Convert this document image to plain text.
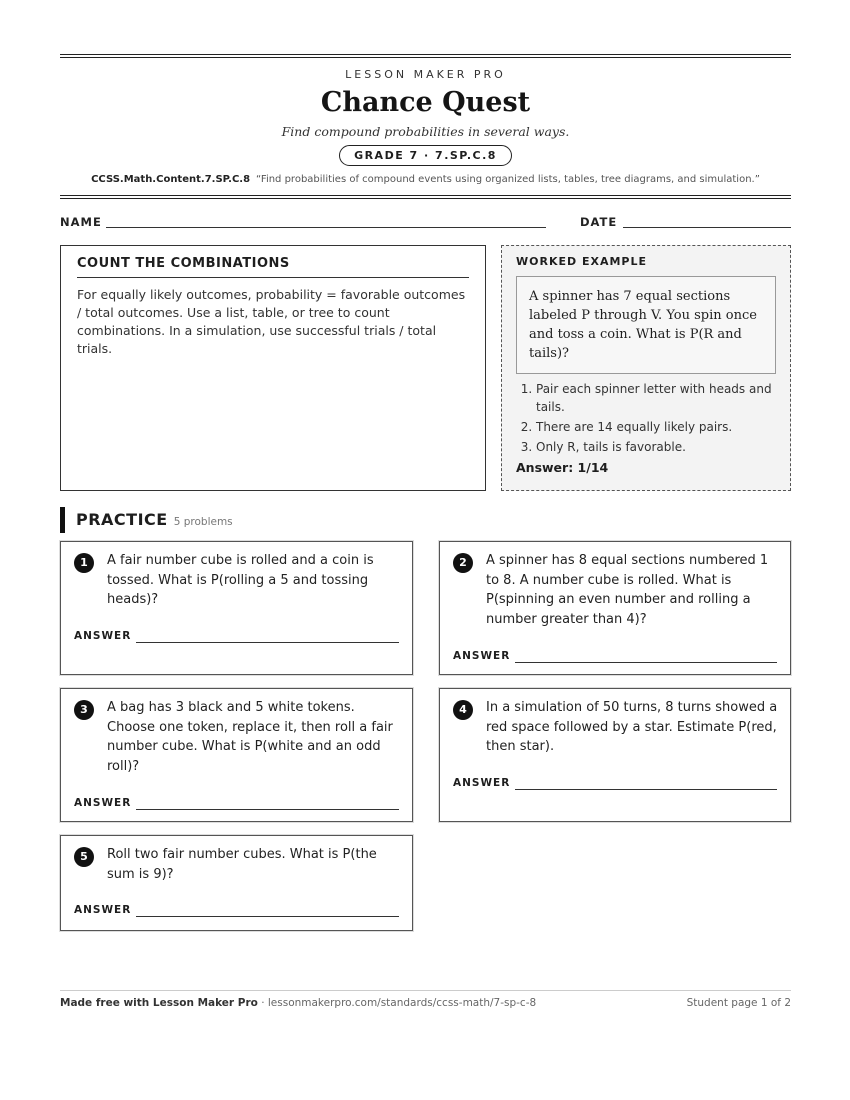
LESSON MAKER PRO
Chance Quest
Find compound probabilities in several ways.
GRADE 7 · 7.SP.C.8
CCSS.Math.Content.7.SP.C.8 “Find probabilities of compound events using organized lists, tables, tree diagrams, and simulation.”
NAME	DATE
COUNT THE COMBINATIONS
For equally likely outcomes, probability = favorable outcomes / total outcomes. Use a list, table, or tree to count combinations. In a simulation, use successful trials / total trials.
WORKED EXAMPLE
A spinner has 7 equal sections labeled P through V. You spin once and toss a coin. What is P(R and tails)?
1. Pair each spinner letter with heads and tails.
2. There are 14 equally likely pairs.
3. Only R, tails is favorable.
Answer: 1/14
PRACTICE 5 problems
1	A fair number cube is rolled and a coin is tossed. What is P(rolling a 5 and tossing heads)?
ANSWER
2	A spinner has 8 equal sections numbered 1 to 8. A number cube is rolled. What is P(spinning an even number and rolling a number greater than 4)?
ANSWER
3	A bag has 3 black and 5 white tokens. Choose one token, replace it, then roll a fair number cube. What is P(white and an odd roll)?
ANSWER
4	In a simulation of 50 turns, 8 turns showed a red space followed by a star. Estimate P(red, then star).
ANSWER
5	Roll two fair number cubes. What is P(the sum is 9)?
ANSWER
Made free with Lesson Maker Pro · lessonmakerpro.com/standards/ccss-math/7-sp-c-8	Student page 1 of 2
